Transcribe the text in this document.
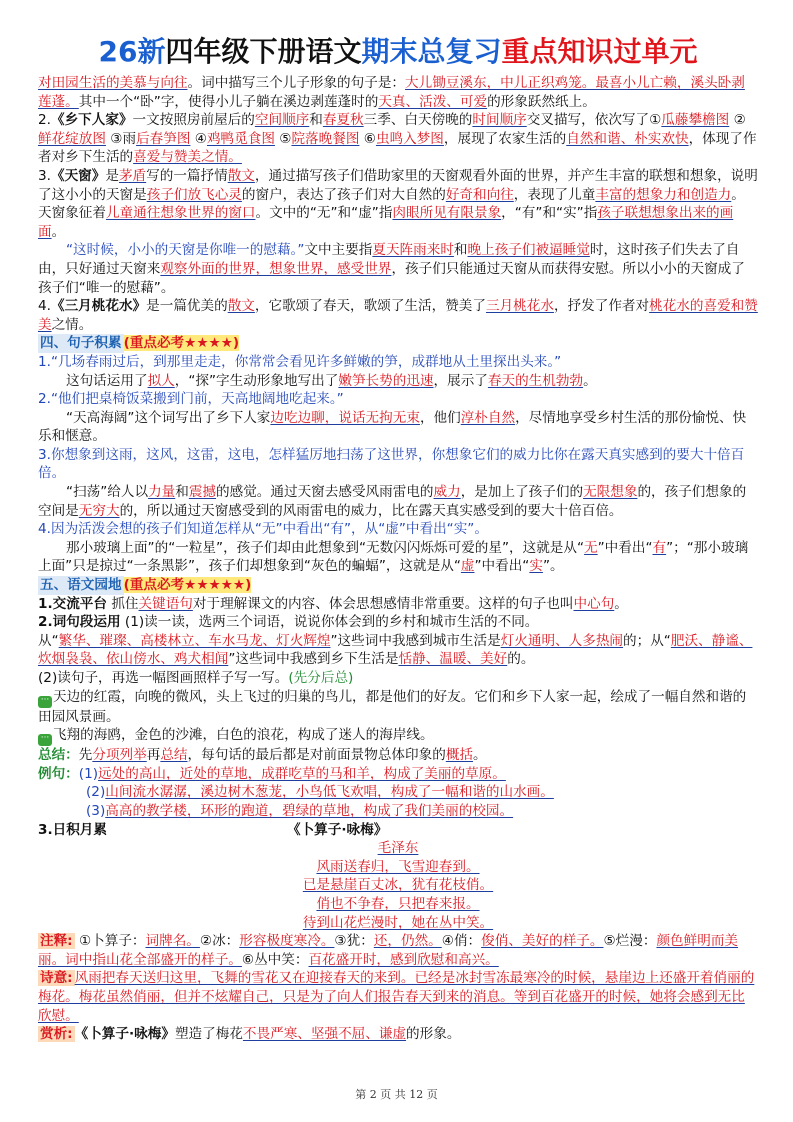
26新四年级下册语文期末总复习重点知识过单元

对田园生活的美慕与向往。词中描写三个儿子形象的句子是：大儿锄豆溪东，中儿正织鸡笼。最喜小儿亡赖，溪头卧剥莲蓬。其中一个“卧”字，使得小儿子躺在溪边剥莲蓬时的天真、活泼、可爱的形象跃然纸上。

2.《乡下人家》一文按照房前屋后的空间顺序和春夏秋三季、白天傍晚的时间顺序交叉描写，依次写了①瓜藤攀檐图 ②鲜花绽放图 ③雨后春笋图 ④鸡鸭觅食图 ⑤院落晚餐图 ⑥虫鸣入梦图，展现了农家生活的自然和谐、朴实欢快，体现了作者对乡下生活的喜爱与赞美之情。

3.《天窗》是茅盾写的一篇抒情散文，通过描写孩子们借助家里的天窗观看外面的世界，并产生丰富的联想和想象，说明了这小小的天窗是孩子们放飞心灵的窗户，表达了孩子们对大自然的好奇和向往，表现了儿童丰富的想象力和创造力。天窗象征着儿童通往想象世界的窗口。文中的“无”和“虚”指肉眼所见有限景象，“有”和“实”指孩子联想想象出来的画面。

“这时候，小小的天窗是你唯一的慰藉。”文中主要指夏天阵雨来时和晚上孩子们被逼睡觉时，这时孩子们失去了自由，只好通过天窗来观察外面的世界，想象世界，感受世界，孩子们只能通过天窗从而获得安慰。所以小小的天窗成了孩子们“唯一的慰藉”。

4.《三月桃花水》是一篇优美的散文，它歌颂了春天，歌颂了生活，赞美了三月桃花水，抒发了作者对桃花水的喜爱和赞美之情。

四、句子积累 (重点必考★★★★)

1.“几场春雨过后，到那里走走，你常常会看见许多鲜嫩的笋，成群地从土里探出头来。”

这句话运用了拟人，“探”字生动形象地写出了嫩笋长势的迅速，展示了春天的生机勃勃。

2.“他们把桌椅饭菜搬到门前，天高地阔地吃起来。”

“天高海阔”这个词写出了乡下人家边吃边聊，说话无拘无束，他们淳朴自然，尽情地享受乡村生活的那份愉悦、快乐和惬意。

3.你想象到这雨，这风，这雷，这电，怎样猛厉地扫荡了这世界，你想象它们的威力比你在露天真实感到的要大十倍百倍。

“扫荡”给人以力量和震撼的感觉。通过天窗去感受风雨雷电的威力，是加上了孩子们的无限想象的，孩子们想象的空间是无穷大的，所以通过天窗感受到的风雨雷电的威力，比在露天真实感受到的要大十倍百倍。

4.因为活泼会想的孩子们知道怎样从“无”中看出“有”，从“虚”中看出“实”。

那小玻璃上面”的“一粒星”，孩子们却由此想象到“无数闪闪烁烁可爱的星”，这就是从“无”中看出“有”；“那小玻璃上面”只是掠过“一条黑影”，孩子们却想象到“灰色的蝙蝠”，这就是从“虚”中看出“实”。

五、语文园地 (重点必考★★★★★)

1.交流平台 抓住关键语句对于理解课文的内容、体会思想感情非常重要。这样的句子也叫中心句。

2.词句段运用 (1)读一读，选两三个词语，说说你体会到的乡村和城市生活的不同。

从“繁华、璀璨、高楼林立、车水马龙、灯火辉煌”这些词中我感到城市生活是灯火通明、人多热闹的；从“肥沃、静谧、炊烟袅袅、依山傍水、鸡犬相闻”这些词中我感到乡下生活是恬静、温暖、美好的。

(2)读句子，再选一幅图画照样子写一写。(先分后总)

··· 天边的红霞，向晚的微风，头上飞过的归巢的鸟儿，都是他们的好友。它们和乡下人家一起，绘成了一幅自然和谐的田园风景画。

··· 飞翔的海鸥，金色的沙滩，白色的浪花，构成了迷人的海岸线。

总结：先分项列举再总结，每句话的最后都是对前面景物总体印象的概括。

例句：(1)远处的高山，近处的草地，成群吃草的马和羊，构成了美丽的草原。

(2)山间流水潺潺，溪边树木葱茏，小鸟低飞欢唱，构成了一幅和谐的山水画。

(3)高高的教学楼，环形的跑道，碧绿的草地，构成了我们美丽的校园。

3.日积月累	《卜算子·咏梅》

毛泽东

风雨送春归，飞雪迎春到。

已是悬崖百丈冰，犹有花枝俏。

俏也不争春，只把春来报。

待到山花烂漫时，她在丛中笑。

注释: ①卜算子：词牌名。②冰：形容极度寒冷。③犹：还，仍然。④俏：俊俏、美好的样子。⑤烂漫：颜色鲜明而美丽。词中指山花全部盛开的样子。⑥丛中笑：百花盛开时，感到欣慰和高兴。

诗意: 风雨把春天送归这里，飞舞的雪花又在迎接春天的来到。已经是冰封雪冻最寒冷的时候，悬崖边上还盛开着俏丽的梅花。梅花虽然俏丽，但并不炫耀自己，只是为了向人们报告春天到来的消息。等到百花盛开的时候，她将会感到无比欣慰。

赏析: 《卜算子·咏梅》塑造了梅花不畏严寒、坚强不屈、谦虚的形象。

第 2 页 共 12 页
